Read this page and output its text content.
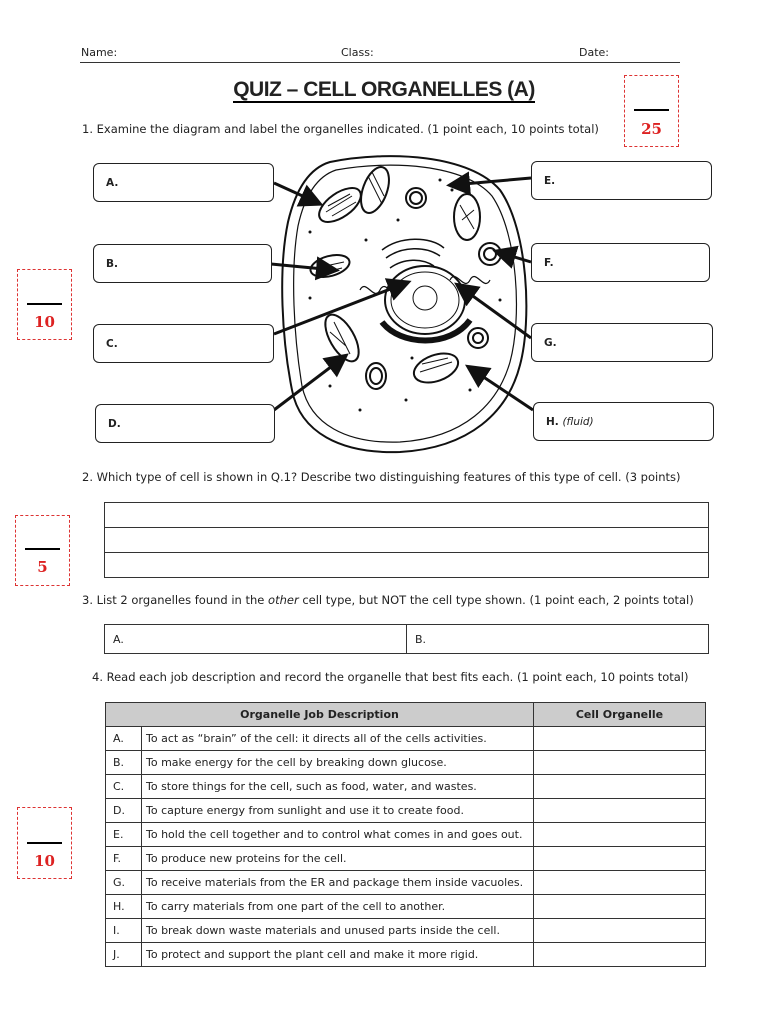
Name:	Class:	Date:
QUIZ – CELL ORGANELLES (A)
25
10
5
10
1. Examine the diagram and label the organelles indicated. (1 point each, 10 points total)
A.
B.
C.
D.
E.
F.
G.
H. (fluid)
2. Which type of cell is shown in Q.1? Describe two distinguishing features of this type of cell. (3 points)

3. List 2 organelles found in the other cell type, but NOT the cell type shown. (1 point each, 2 points total)
A.	B.
4. Read each job description and record the organelle that best fits each. (1 point each, 10 points total)
Organelle Job Description		Cell Organelle
A.	To act as “brain” of the cell: it directs all of the cells activities.	
B.	To make energy for the cell by breaking down glucose.	
C.	To store things for the cell, such as food, water, and wastes.	
D.	To capture energy from sunlight and use it to create food.	
E.	To hold the cell together and to control what comes in and goes out.	
F.	To produce new proteins for the cell.	
G.	To receive materials from the ER and package them inside vacuoles.	
H.	To carry materials from one part of the cell to another.	
I.	To break down waste materials and unused parts inside the cell.	
J.	To protect and support the plant cell and make it more rigid.	
